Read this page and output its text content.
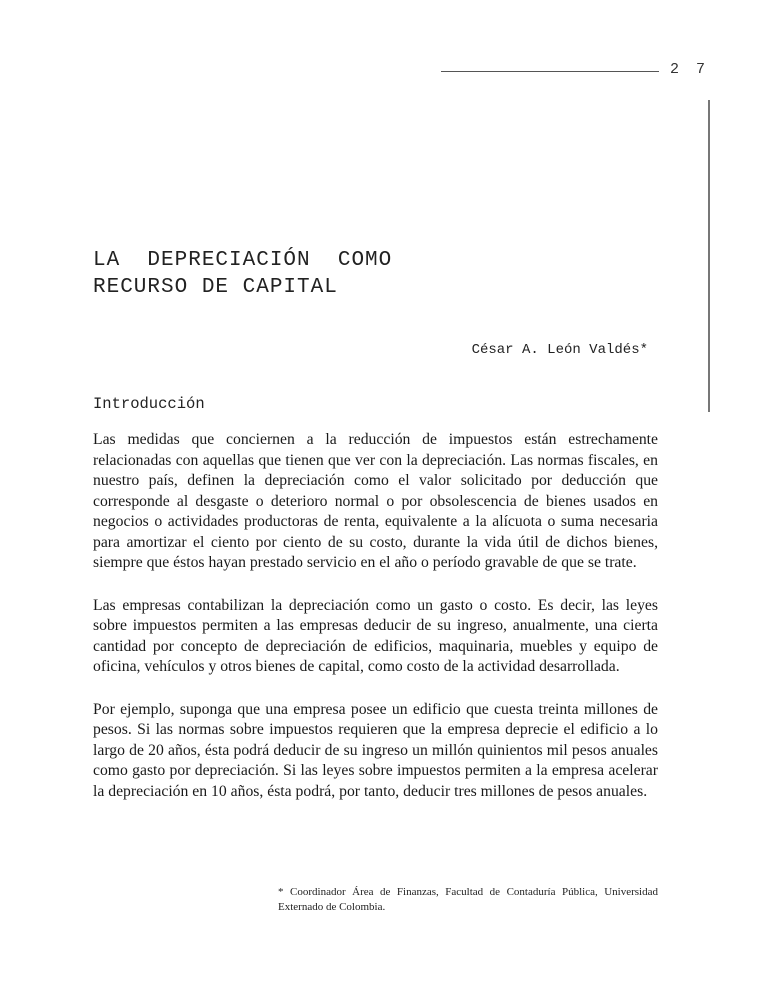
2 7
LA  DEPRECIACIÓN  COMO
RECURSO DE CAPITAL
César A. León Valdés*
Introducción

Las medidas que conciernen a la reducción de impuestos están estrechamente relacionadas con aquellas que tienen que ver con la depreciación. Las normas fiscales, en nuestro país, definen la depreciación como el valor solicitado por deducción que corresponde al desgaste o deterioro normal o por obsolescencia de bienes usados en negocios o actividades productoras de renta, equivalente a la alícuota o suma necesaria para amortizar el ciento por ciento de su costo, durante la vida útil de dichos bienes, siempre que éstos hayan prestado servicio en el año o período gravable de que se trate.

Las empresas contabilizan la depreciación como un gasto o costo. Es decir, las leyes sobre impuestos permiten a las empresas deducir de su ingreso, anualmente, una cierta cantidad por concepto de depreciación de edificios, maquinaria, muebles y equipo de oficina, vehículos y otros bienes de capital, como costo de la actividad desarrollada.

Por ejemplo, suponga que una empresa posee un edificio que cuesta treinta millones de pesos. Si las normas sobre impuestos requieren que la empresa deprecie el edificio a lo largo de 20 años, ésta podrá deducir de su ingreso un millón quinientos mil pesos anuales como gasto por depreciación. Si las leyes sobre impuestos permiten a la empresa acelerar la depreciación en 10 años, ésta podrá, por tanto, deducir tres millones de pesos anuales.

* Coordinador Área de Finanzas, Facultad de Contaduría Pública, Universidad Externado de Colombia.
